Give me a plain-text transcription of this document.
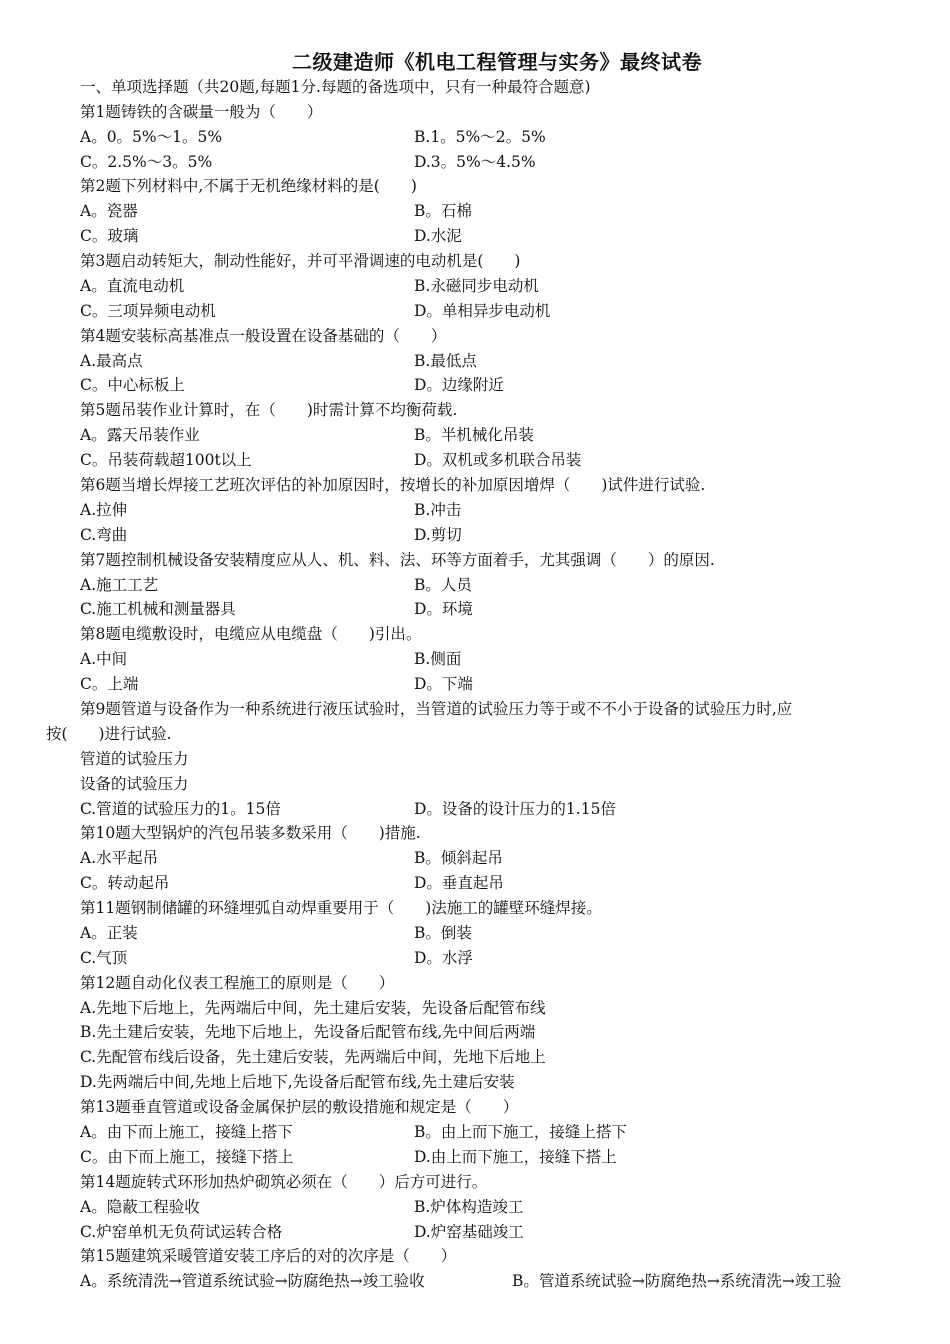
二级建造师《机电工程管理与实务》最终试卷
一、单项选择题（共20题,每题1分.每题的备选项中，只有一种最符合题意)
第1题铸铁的含碳量一般为（　　）
A。0。5%～1。5%	B.1。5%～2。5%
C。2.5%～3。5%	D.3。5%～4.5%
第2题下列材料中,不属于无机绝缘材料的是(　　)
A。瓷器	B。石棉
C。玻璃	D.水泥
第3题启动转矩大，制动性能好，并可平滑调速的电动机是(　　)
A。直流电动机	B.永磁同步电动机
C。三项异频电动机	D。单相异步电动机
第4题安装标高基准点一般设置在设备基础的（　　）
A.最高点	B.最低点
C。中心标板上	D。边缘附近
第5题吊装作业计算时，在（　　)时需计算不均衡荷载.
A。露天吊装作业	B。半机械化吊装
C。吊装荷载超100t以上	D。双机或多机联合吊装
第6题当增长焊接工艺班次评估的补加原因时，按增长的补加原因增焊（　　)试件进行试验.
A.拉伸	B.冲击
C.弯曲	D.剪切
第7题控制机械设备安装精度应从人、机、料、法、环等方面着手，尤其强调（　　）的原因.
A.施工工艺	B。人员
C.施工机械和测量器具	D。环境
第8题电缆敷设时，电缆应从电缆盘（　　)引出。
A.中间	B.侧面
C。上端	D。下端
第9题管道与设备作为一种系统进行液压试验时，当管道的试验压力等于或不不小于设备的试验压力时,应
按(　　)进行试验.
管道的试验压力
设备的试验压力
C.管道的试验压力的1。15倍	D。设备的设计压力的1.15倍
第10题大型锅炉的汽包吊装多数采用（　　)措施.
A.水平起吊	B。倾斜起吊
C。转动起吊	D。垂直起吊
第11题钢制储罐的环缝埋弧自动焊重要用于（　　)法施工的罐壁环缝焊接。
A。正装	B。倒装
C.气顶	D。水浮
第12题自动化仪表工程施工的原则是（　　）
A.先地下后地上，先两端后中间，先土建后安装，先设备后配管布线
B.先土建后安装，先地下后地上，先设备后配管布线,先中间后两端
C.先配管布线后设备，先土建后安装，先两端后中间，先地下后地上
D.先两端后中间,先地上后地下,先设备后配管布线,先土建后安装
第13题垂直管道或设备金属保护层的敷设措施和规定是（　　）
A。由下而上施工，接缝上搭下	B。由上而下施工，接缝上搭下
C。由下而上施工，接缝下搭上	D.由上而下施工，接缝下搭上
第14题旋转式环形加热炉砌筑必须在（　　）后方可进行。
A。隐蔽工程验收	B.炉体构造竣工
C.炉窑单机无负荷试运转合格	D.炉窑基础竣工
第15题建筑采暖管道安装工序后的对的次序是（　　）
A。系统清洗→管道系统试验→防腐绝热→竣工验收	B。管道系统试验→防腐绝热→系统清洗→竣工验
